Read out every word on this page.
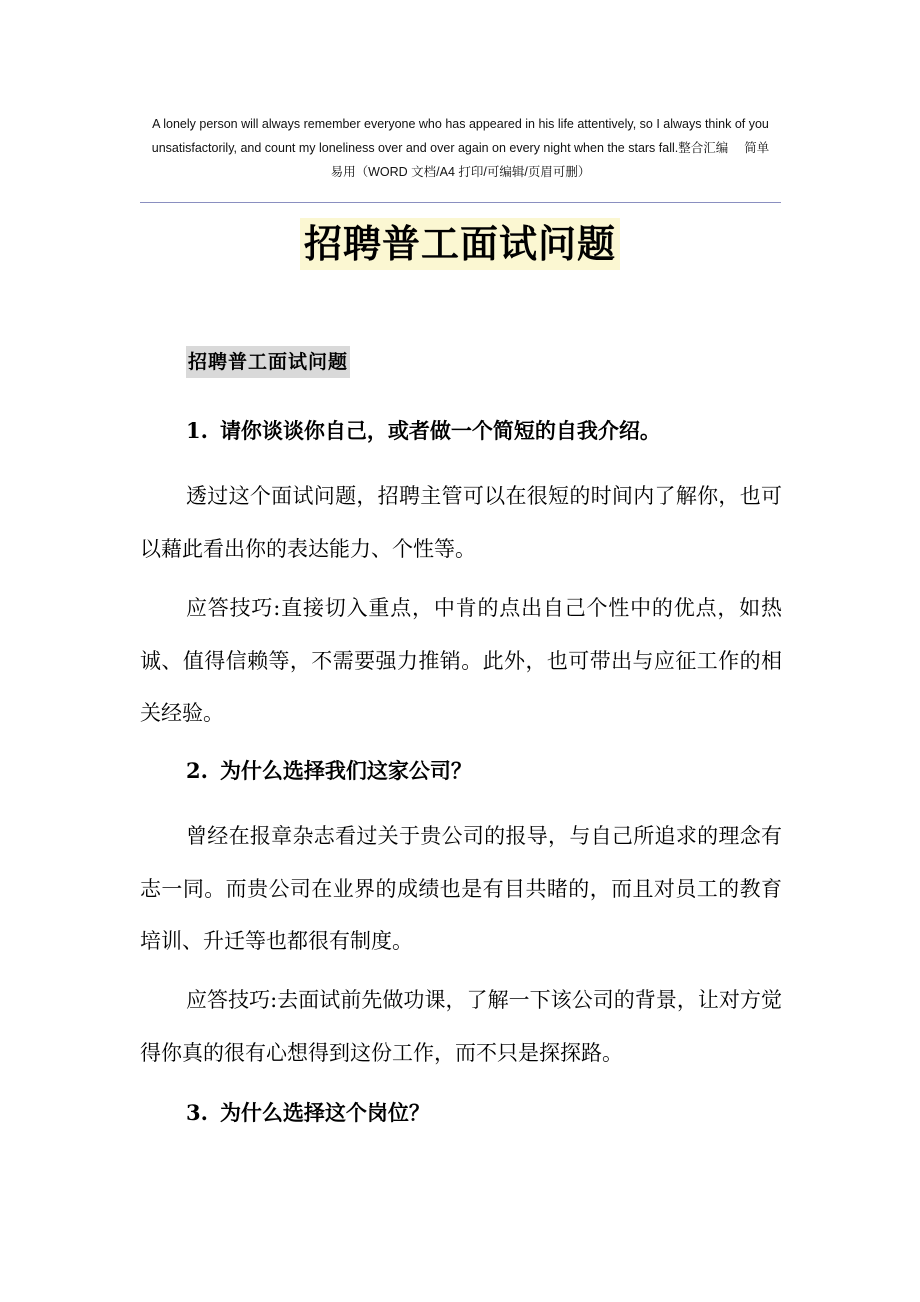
A lonely person will always remember everyone who has appeared in his life attentively, so I always think of you
unsatisfactorily, and count my loneliness over and over again on every night when the stars fall.整合汇编　 简单
易用（WORD 文档/A4 打印/可编辑/页眉可删）
招聘普工面试问题
招聘普工面试问题
1. 请你谈谈你自己，或者做一个简短的自我介绍。
透过这个面试问题，招聘主管可以在很短的时间内了解你，也可以藉此看出你的表达能力、个性等。
应答技巧:直接切入重点，中肯的点出自己个性中的优点，如热诚、值得信赖等，不需要强力推销。此外，也可带出与应征工作的相关经验。
2. 为什么选择我们这家公司？
曾经在报章杂志看过关于贵公司的报导，与自己所追求的理念有志一同。而贵公司在业界的成绩也是有目共睹的，而且对员工的教育培训、升迁等也都很有制度。
应答技巧:去面试前先做功课，了解一下该公司的背景，让对方觉得你真的很有心想得到这份工作，而不只是探探路。
3. 为什么选择这个岗位？
